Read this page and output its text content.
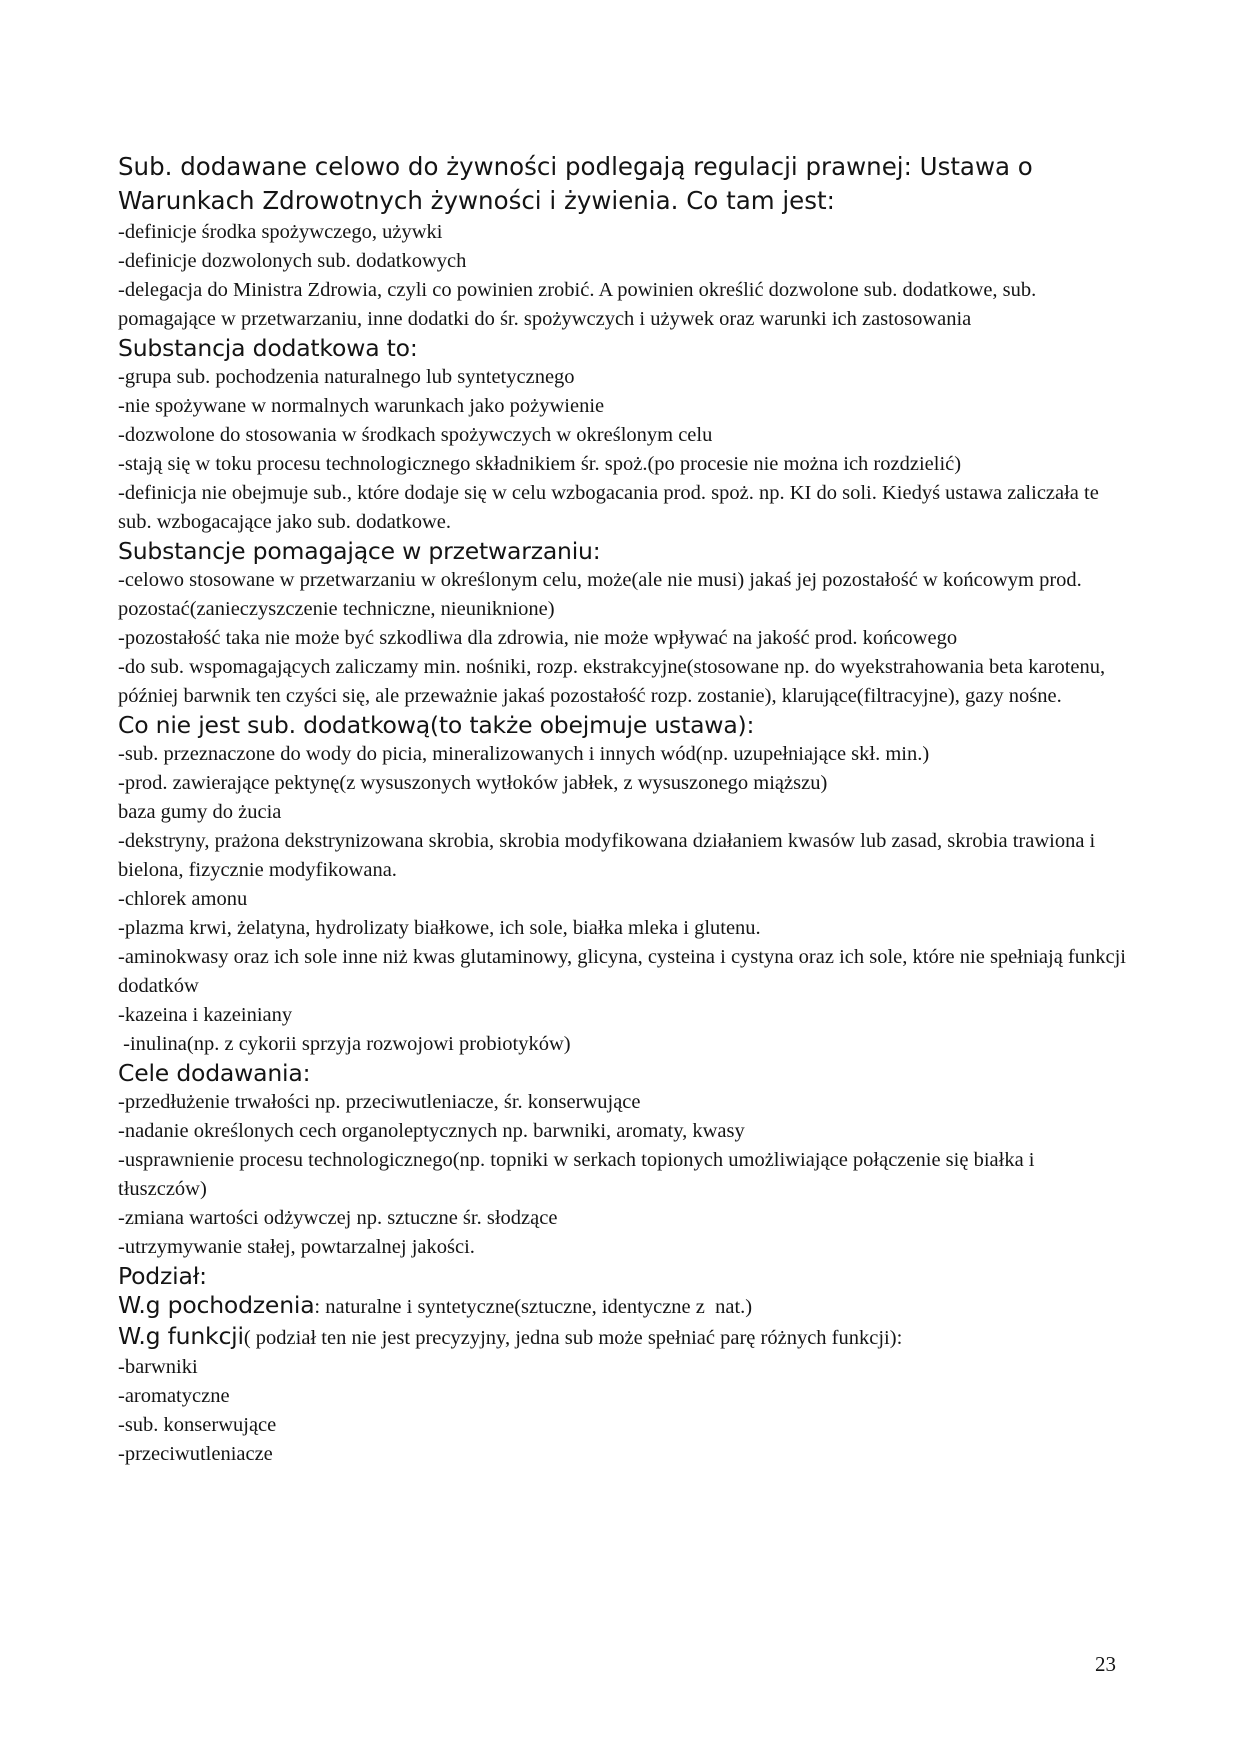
Sub. dodawane celowo do żywności podlegają regulacji prawnej: Ustawa o Warunkach Zdrowotnych żywności i żywienia. Co tam jest:
-definicje środka spożywczego, używki
-definicje dozwolonych sub. dodatkowych
-delegacja do Ministra Zdrowia, czyli co powinien zrobić. A powinien określić dozwolone sub. dodatkowe, sub. pomagające w przetwarzaniu, inne dodatki do śr. spożywczych i używek oraz warunki ich zastosowania
Substancja dodatkowa to:
-grupa sub. pochodzenia naturalnego lub syntetycznego
-nie spożywane w normalnych warunkach jako pożywienie
-dozwolone do stosowania w środkach spożywczych w określonym celu
-stają się w toku procesu technologicznego składnikiem śr. spoż.(po procesie nie można ich rozdzielić)
-definicja nie obejmuje sub., które dodaje się w celu wzbogacania prod. spoż. np. KI do soli. Kiedyś ustawa zaliczała te sub. wzbogacające jako sub. dodatkowe.
Substancje pomagające w przetwarzaniu:
-celowo stosowane w przetwarzaniu w określonym celu, może(ale nie musi) jakaś jej pozostałość w końcowym prod. pozostać(zanieczyszczenie techniczne, nieuniknione)
-pozostałość taka nie może być szkodliwa dla zdrowia, nie może wpływać na jakość prod. końcowego
-do sub. wspomagających zaliczamy min. nośniki, rozp. ekstrakcyjne(stosowane np. do wyekstrahowania beta karotenu, później barwnik ten czyści się, ale przeważnie jakaś pozostałość rozp. zostanie), klarujące(filtracyjne), gazy nośne.
Co nie jest sub. dodatkową(to także obejmuje ustawa):
-sub. przeznaczone do wody do picia, mineralizowanych i innych wód(np. uzupełniające skł. min.)
-prod. zawierające pektynę(z wysuszonych wytłoków jabłek, z wysuszonego miąższu)
baza gumy do żucia
-dekstryny, prażona dekstrynizowana skrobia, skrobia modyfikowana działaniem kwasów lub zasad, skrobia trawiona i bielona, fizycznie modyfikowana.
-chlorek amonu
-plazma krwi, żelatyna, hydrolizaty białkowe, ich sole, białka mleka i glutenu.
-aminokwasy oraz ich sole inne niż kwas glutaminowy, glicyna, cysteina i cystyna oraz ich sole, które nie spełniają funkcji dodatków
-kazeina i kazeiniany
-inulina(np. z cykorii sprzyja rozwojowi probiotyków)
Cele dodawania:
-przedłużenie trwałości np. przeciwutleniacze, śr. konserwujące
-nadanie określonych cech organoleptycznych np. barwniki, aromaty, kwasy
-usprawnienie procesu technologicznego(np. topniki w serkach topionych umożliwiające połączenie się białka i tłuszczów)
-zmiana wartości odżywczej np. sztuczne śr. słodzące
-utrzymywanie stałej, powtarzalnej jakości.
Podział:
W.g pochodzenia: naturalne i syntetyczne(sztuczne, identyczne z  nat.)
W.g funkcji( podział ten nie jest precyzyjny, jedna sub może spełniać parę różnych funkcji):
-barwniki
-aromatyczne
-sub. konserwujące
-przeciwutleniacze
23
